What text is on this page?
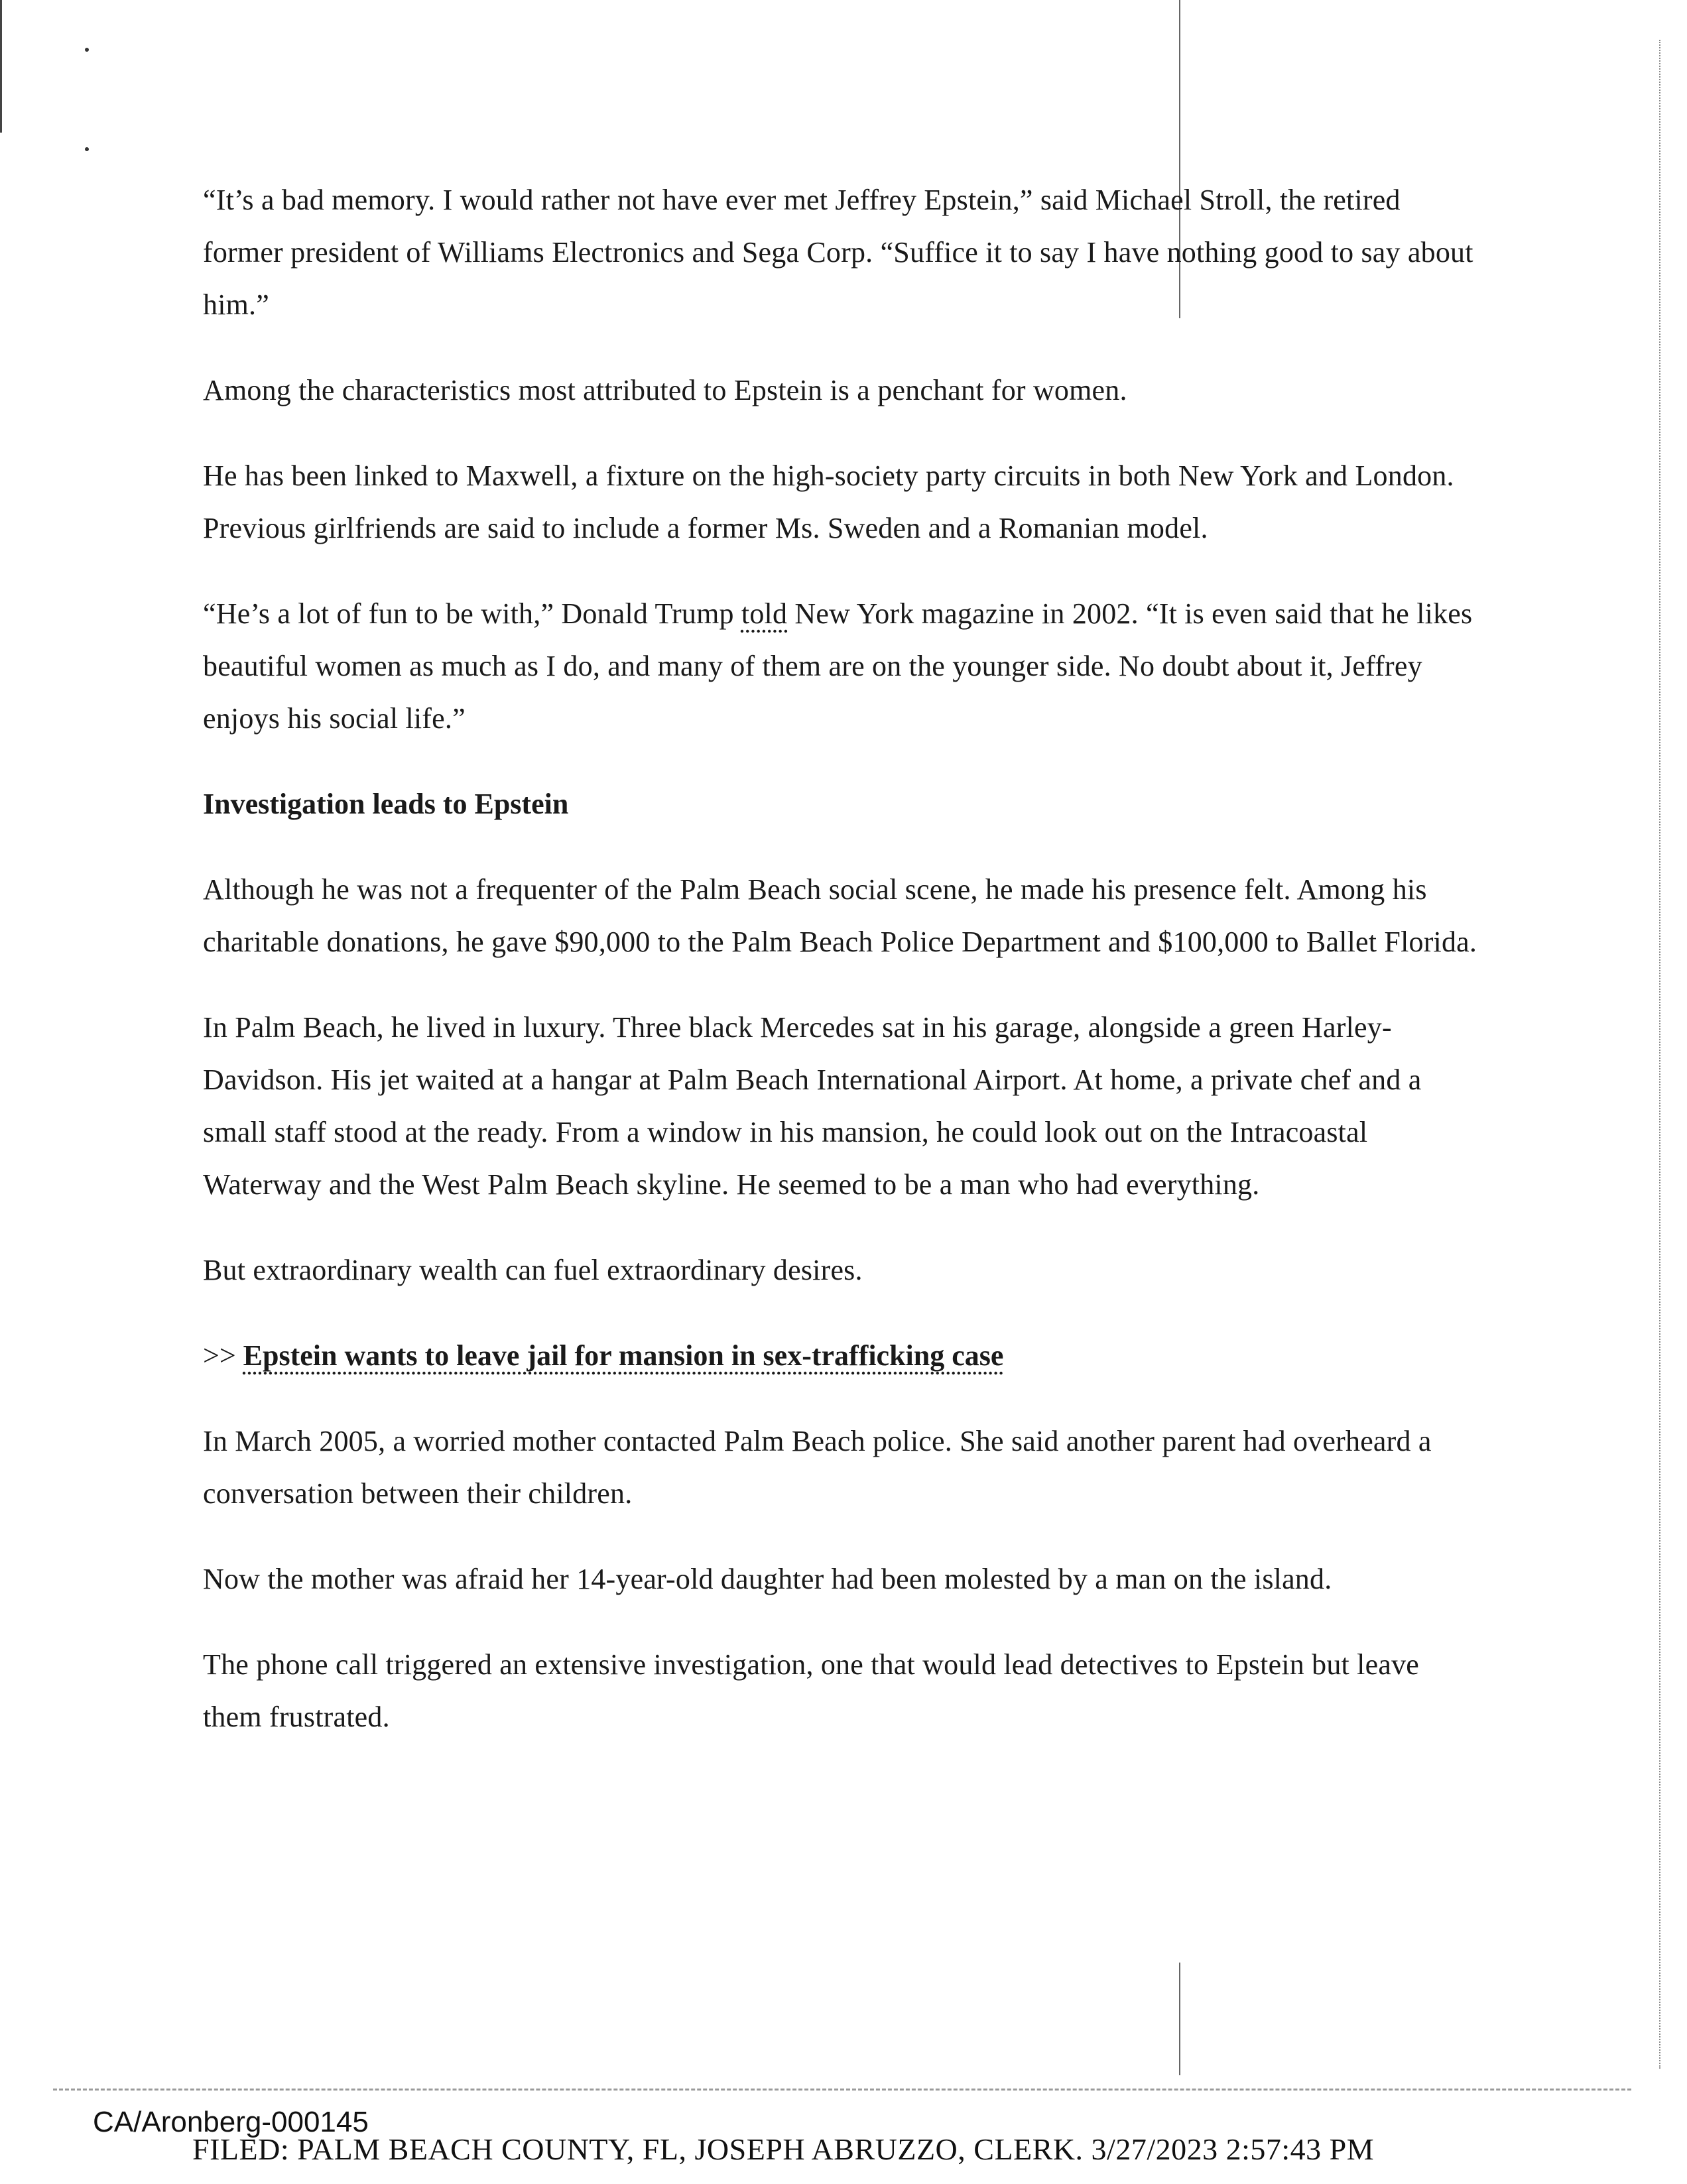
“It’s a bad memory. I would rather not have ever met Jeffrey Epstein,” said Michael Stroll, the retired former president of Williams Electronics and Sega Corp. “Suffice it to say I have nothing good to say about him.”

Among the characteristics most attributed to Epstein is a penchant for women.

He has been linked to Maxwell, a fixture on the high-society party circuits in both New York and London. Previous girlfriends are said to include a former Ms. Sweden and a Romanian model.

“He’s a lot of fun to be with,” Donald Trump told New York magazine in 2002. “It is even said that he likes beautiful women as much as I do, and many of them are on the younger side. No doubt about it, Jeffrey enjoys his social life.”

Investigation leads to Epstein

Although he was not a frequenter of the Palm Beach social scene, he made his presence felt. Among his charitable donations, he gave $90,000 to the Palm Beach Police Department and $100,000 to Ballet Florida.

In Palm Beach, he lived in luxury. Three black Mercedes sat in his garage, alongside a green Harley-Davidson. His jet waited at a hangar at Palm Beach International Airport. At home, a private chef and a small staff stood at the ready. From a window in his mansion, he could look out on the Intracoastal Waterway and the West Palm Beach skyline. He seemed to be a man who had everything.

But extraordinary wealth can fuel extraordinary desires.

>> Epstein wants to leave jail for mansion in sex-trafficking case

In March 2005, a worried mother contacted Palm Beach police. She said another parent had overheard a conversation between their children.

Now the mother was afraid her 14-year-old daughter had been molested by a man on the island.

The phone call triggered an extensive investigation, one that would lead detectives to Epstein but leave them frustrated.

CA/Aronberg-000145
FILED: PALM BEACH COUNTY, FL, JOSEPH ABRUZZO, CLERK. 3/27/2023 2:57:43 PM
